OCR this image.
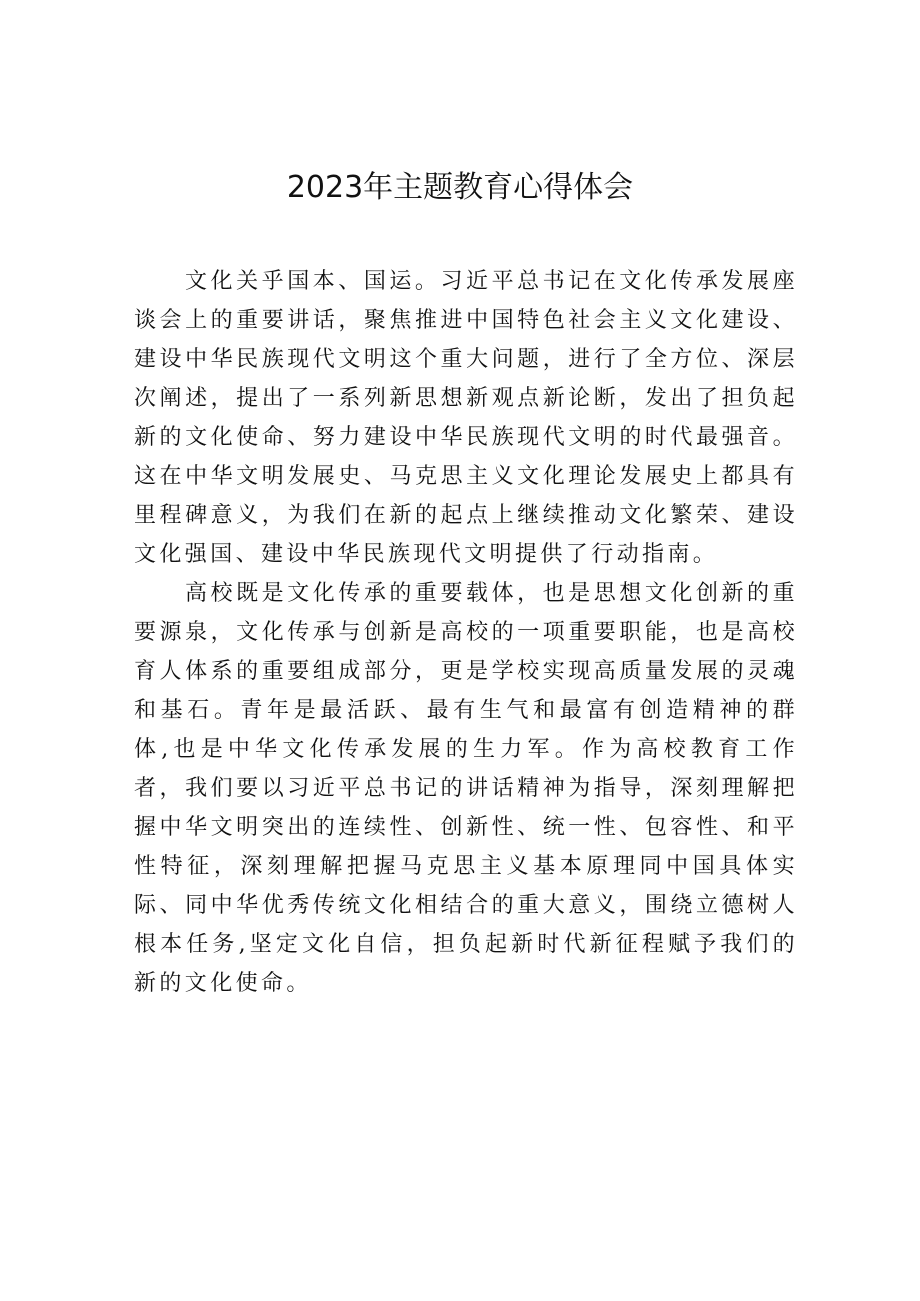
2023年主题教育心得体会

文化关乎国本、国运。习近平总书记在文化传承发展座谈会上的重要讲话，聚焦推进中国特色社会主义文化建设、建设中华民族现代文明这个重大问题，进行了全方位、深层次阐述，提出了一系列新思想新观点新论断，发出了担负起新的文化使命、努力建设中华民族现代文明的时代最强音。这在中华文明发展史、马克思主义文化理论发展史上都具有里程碑意义，为我们在新的起点上继续推动文化繁荣、建设文化强国、建设中华民族现代文明提供了行动指南。

高校既是文化传承的重要载体，也是思想文化创新的重要源泉，文化传承与创新是高校的一项重要职能，也是高校育人体系的重要组成部分，更是学校实现高质量发展的灵魂和基石。青年是最活跃、最有生气和最富有创造精神的群体,也是中华文化传承发展的生力军。作为高校教育工作者，我们要以习近平总书记的讲话精神为指导，深刻理解把握中华文明突出的连续性、创新性、统一性、包容性、和平性特征，深刻理解把握马克思主义基本原理同中国具体实际、同中华优秀传统文化相结合的重大意义，围绕立德树人根本任务,坚定文化自信，担负起新时代新征程赋予我们的新的文化使命。
